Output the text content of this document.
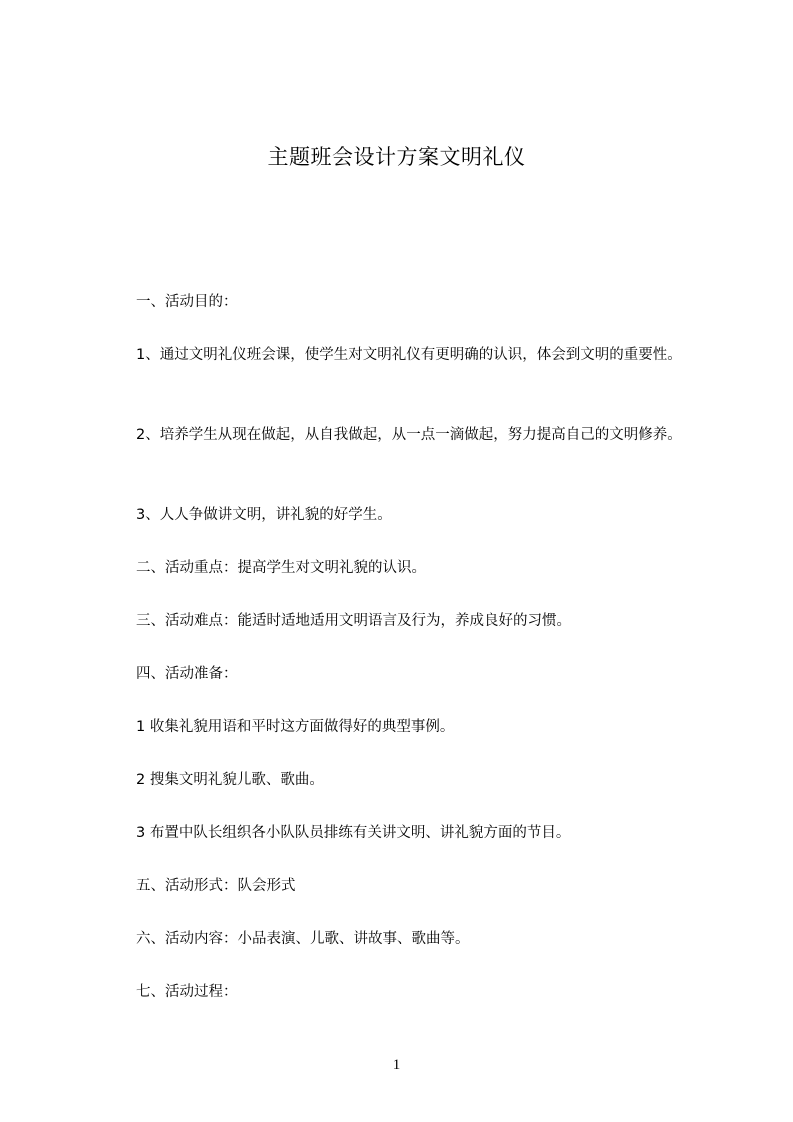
主题班会设计方案文明礼仪
一、活动目的：
1、通过文明礼仪班会课，使学生对文明礼仪有更明确的认识，体会到文明的重要性。
2、培养学生从现在做起，从自我做起，从一点一滴做起，努力提高自己的文明修养。
3、人人争做讲文明，讲礼貌的好学生。
二、活动重点：提高学生对文明礼貌的认识。
三、活动难点：能适时适地适用文明语言及行为，养成良好的习惯。
四、活动准备：
1 收集礼貌用语和平时这方面做得好的典型事例。
2 搜集文明礼貌儿歌、歌曲。
3 布置中队长组织各小队队员排练有关讲文明、讲礼貌方面的节目。
五、活动形式：队会形式
六、活动内容：小品表演、儿歌、讲故事、歌曲等。
七、活动过程：
1
